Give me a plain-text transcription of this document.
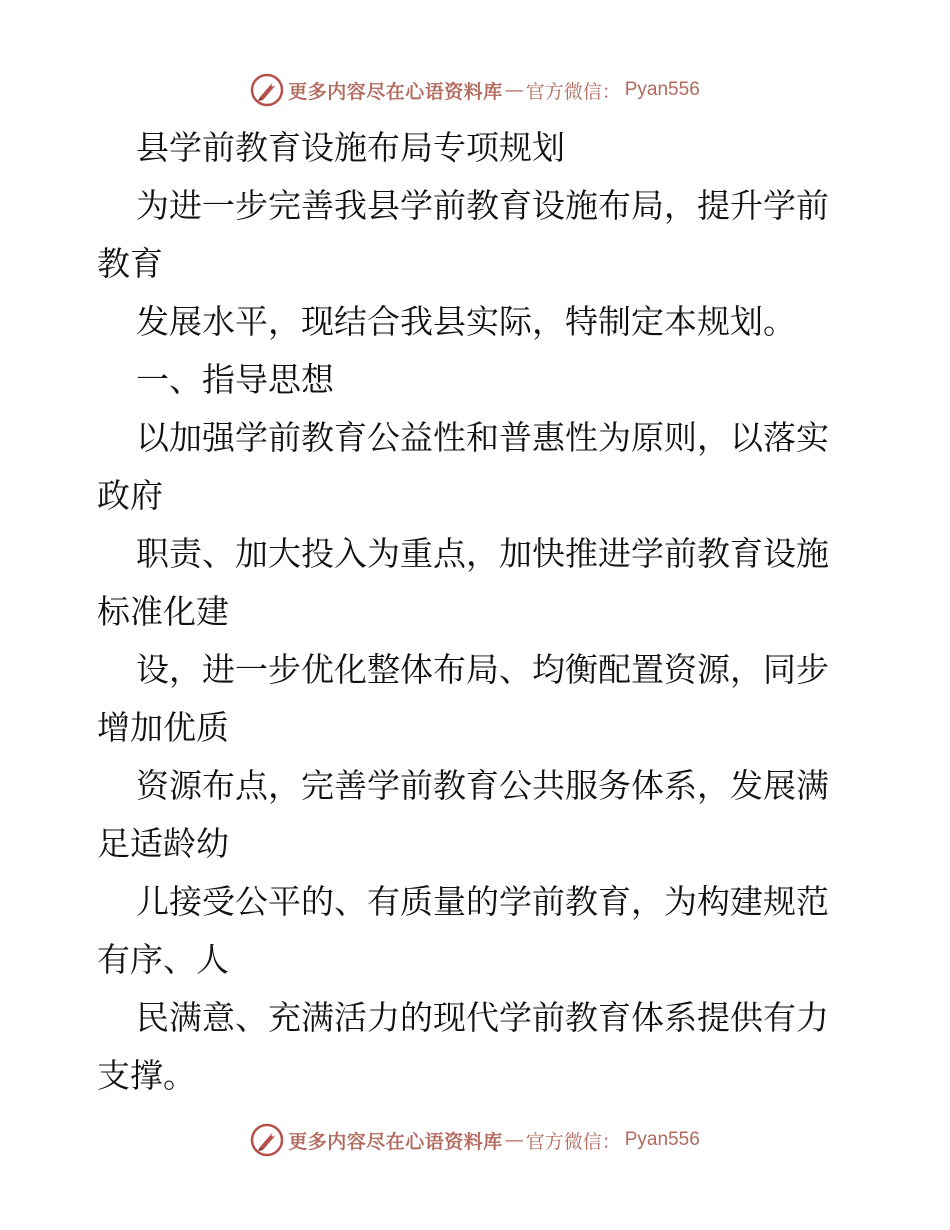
更多内容尽在心语资料库 — 官方微信： Pyan556
县学前教育设施布局专项规划
为进一步完善我县学前教育设施布局，提升学前
教育
发展水平，现结合我县实际，特制定本规划。
一、指导思想
以加强学前教育公益性和普惠性为原则，以落实
政府
职责、加大投入为重点，加快推进学前教育设施
标准化建
设，进一步优化整体布局、均衡配置资源，同步
增加优质
资源布点，完善学前教育公共服务体系，发展满
足适龄幼
儿接受公平的、有质量的学前教育，为构建规范
有序、人
民满意、充满活力的现代学前教育体系提供有力
支撑。
更多内容尽在心语资料库 — 官方微信： Pyan556
